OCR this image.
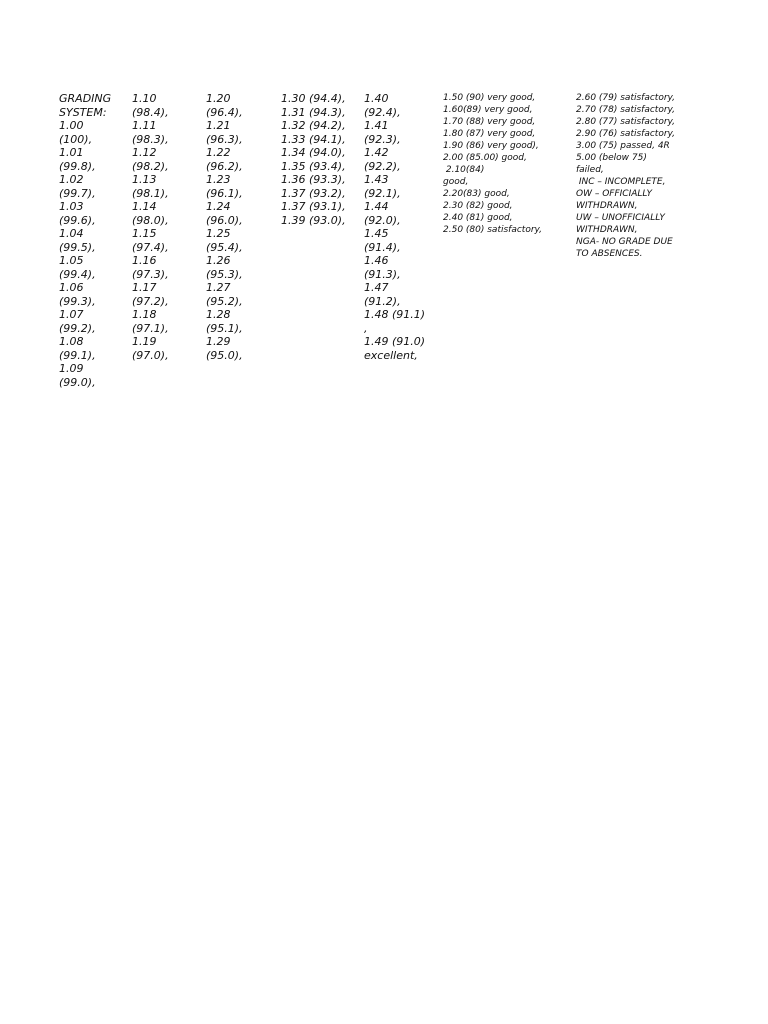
GRADING
SYSTEM:
1.00
(100),
1.01
(99.8),
1.02
(99.7),
1.03
(99.6),
1.04
(99.5),
1.05
(99.4),
1.06
(99.3),
1.07
(99.2),
1.08
(99.1),
1.09
(99.0),
1.10
(98.4),
1.11
(98.3),
1.12
(98.2),
1.13
(98.1),
1.14
(98.0),
1.15
(97.4),
1.16
(97.3),
1.17
(97.2),
1.18
(97.1),
1.19
(97.0),
1.20
(96.4),
1.21
(96.3),
1.22
(96.2),
1.23
(96.1),
1.24
(96.0),
1.25
(95.4),
1.26
(95.3),
1.27
(95.2),
1.28
(95.1),
1.29
(95.0),
1.30 (94.4),
1.31 (94.3),
1.32 (94.2),
1.33 (94.1),
1.34 (94.0),
1.35 (93.4),
1.36 (93.3),
1.37 (93.2),
1.37 (93.1),
1.39 (93.0),
1.40
(92.4),
1.41
(92.3),
1.42
(92.2),
1.43
(92.1),
1.44
(92.0),
1.45
(91.4),
1.46
(91.3),
1.47
(91.2),
1.48 (91.1)
,
1.49 (91.0)
excellent,
1.50 (90) very good,
1.60(89) very good,
1.70 (88) very good,
1.80 (87) very good,
1.90 (86) very good),
2.00 (85.00) good,
2.10(84)
good,
2.20(83) good,
2.30 (82) good,
2.40 (81) good,
2.50 (80) satisfactory,
2.60 (79) satisfactory,
2.70 (78) satisfactory,
2.80 (77) satisfactory,
2.90 (76) satisfactory,
3.00 (75) passed, 4R
5.00 (below 75)
failed,
INC – INCOMPLETE,
OW – OFFICIALLY
WITHDRAWN,
UW – UNOFFICIALLY
WITHDRAWN,
NGA- NO GRADE DUE
TO ABSENCES.
